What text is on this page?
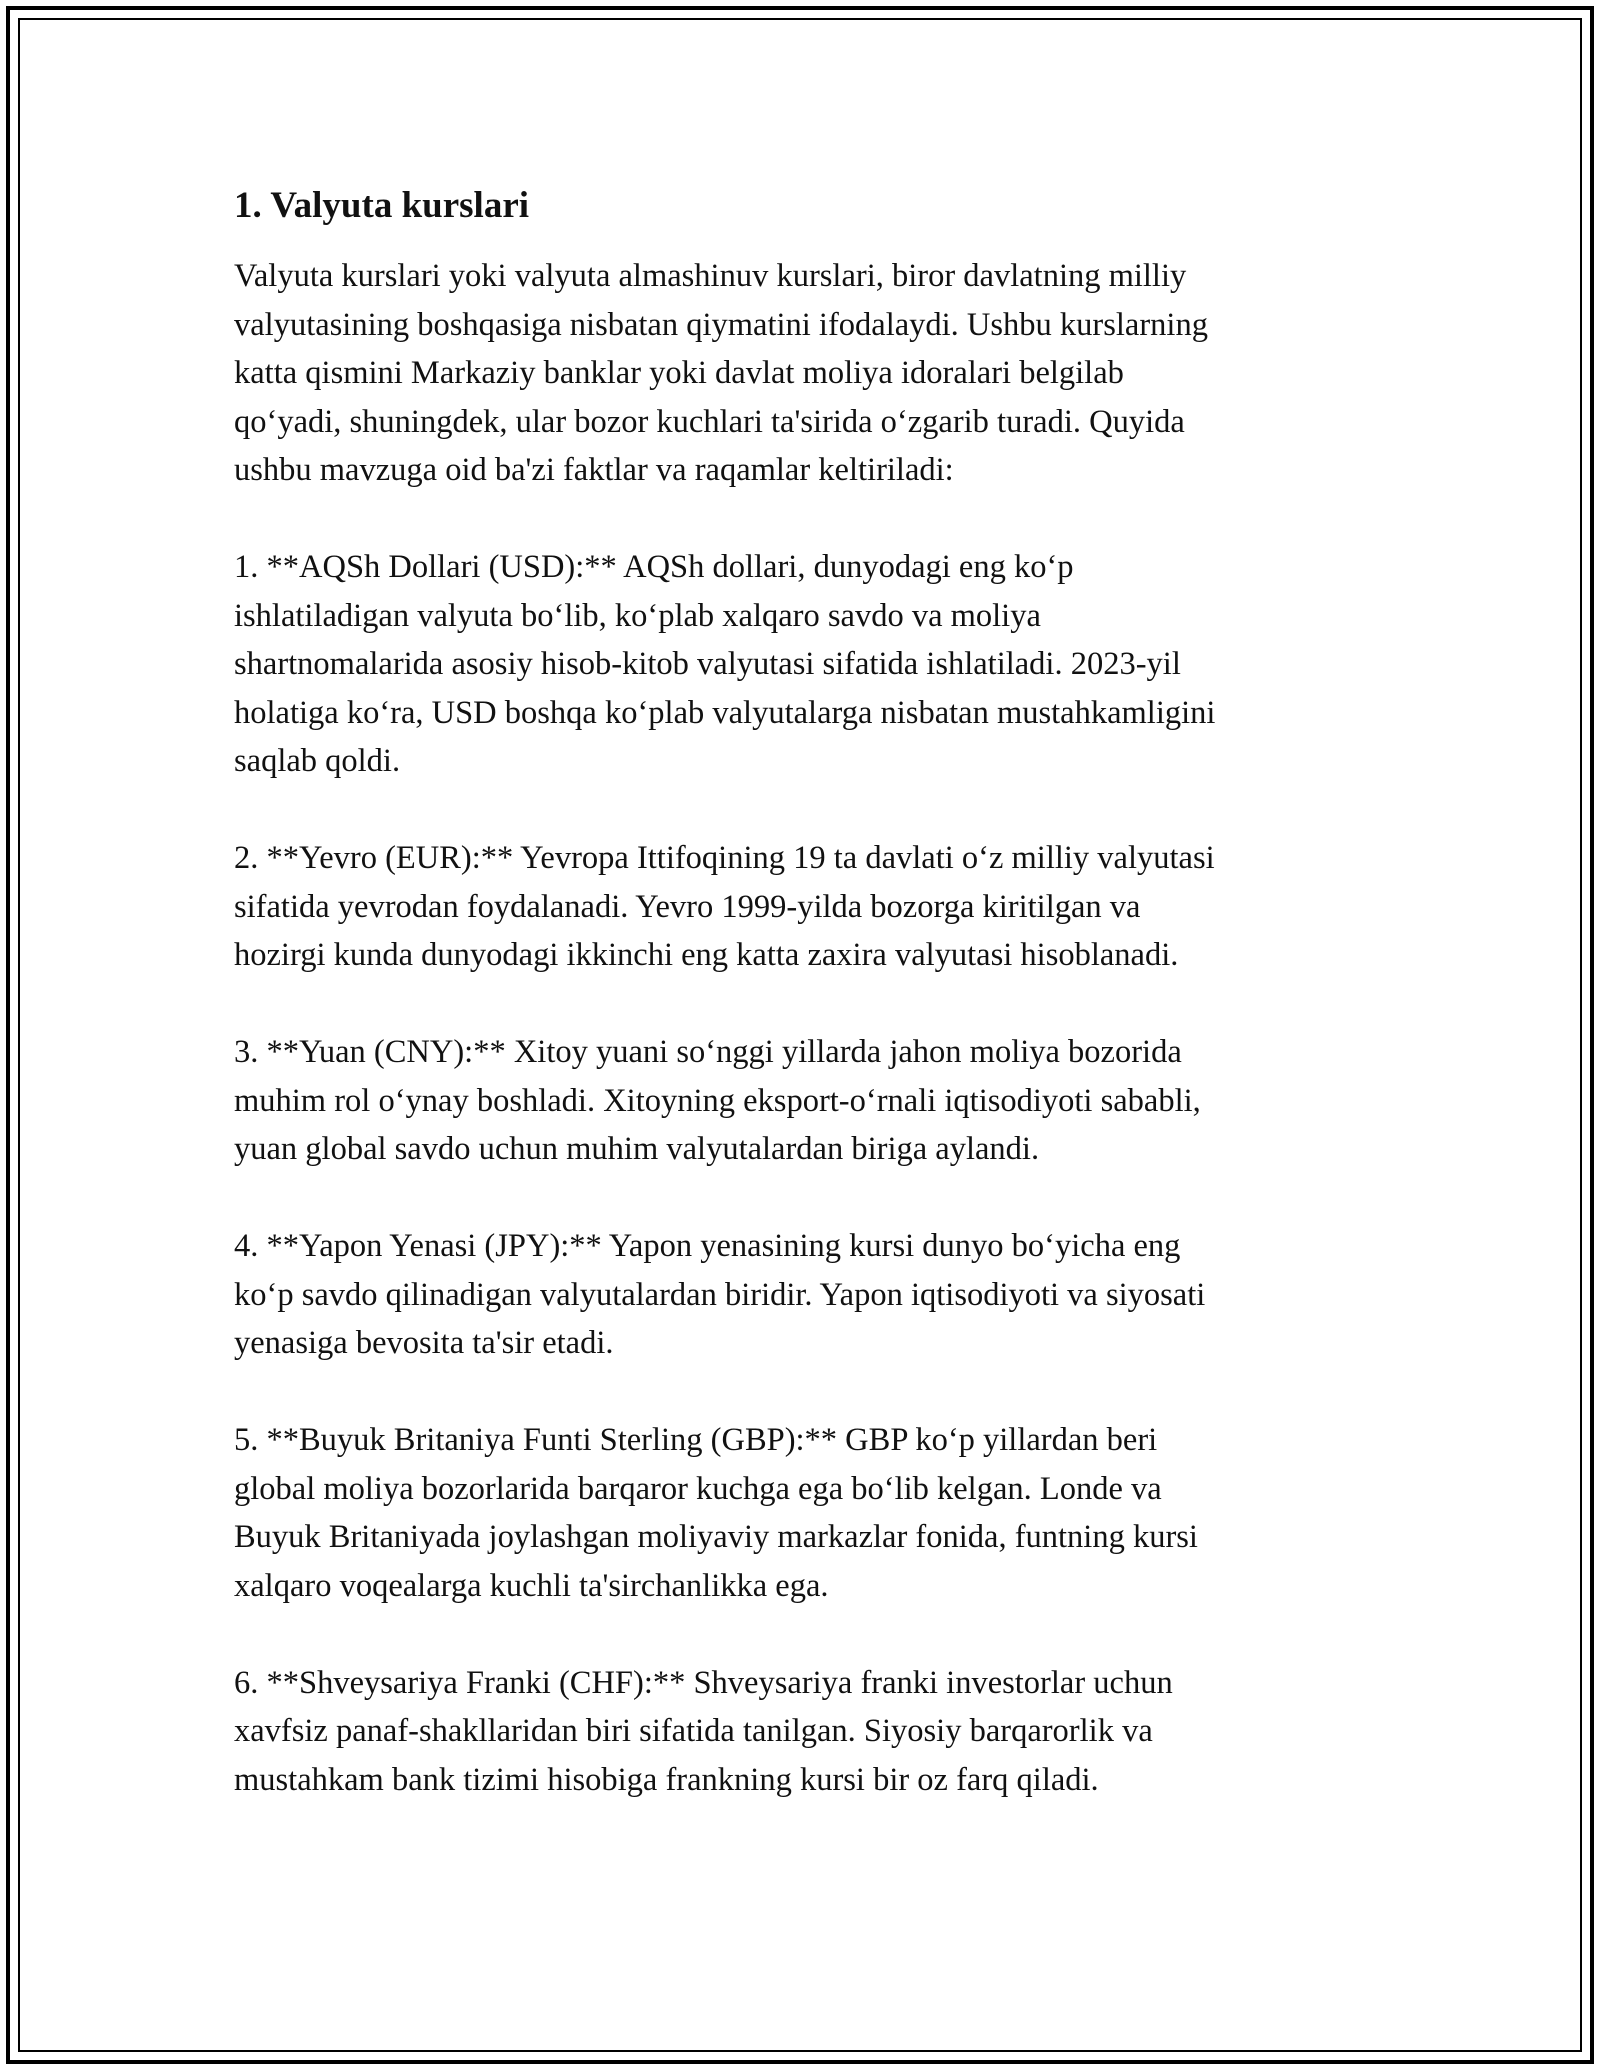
1. Valyuta kurslari

Valyuta kurslari yoki valyuta almashinuv kurslari, biror davlatning milliy
valyutasining boshqasiga nisbatan qiymatini ifodalaydi. Ushbu kurslarning
katta qismini Markaziy banklar yoki davlat moliya idoralari belgilab
qoʻyadi, shuningdek, ular bozor kuchlari ta'sirida oʻzgarib turadi. Quyida
ushbu mavzuga oid ba'zi faktlar va raqamlar keltiriladi:

1. **AQSh Dollari (USD):** AQSh dollari, dunyodagi eng koʻp
ishlatiladigan valyuta boʻlib, koʻplab xalqaro savdo va moliya
shartnomalarida asosiy hisob-kitob valyutasi sifatida ishlatiladi. 2023-yil
holatiga koʻra, USD boshqa koʻplab valyutalarga nisbatan mustahkamligini
saqlab qoldi.

2. **Yevro (EUR):** Yevropa Ittifoqining 19 ta davlati oʻz milliy valyutasi
sifatida yevrodan foydalanadi. Yevro 1999-yilda bozorga kiritilgan va
hozirgi kunda dunyodagi ikkinchi eng katta zaxira valyutasi hisoblanadi.

3. **Yuan (CNY):** Xitoy yuani soʻnggi yillarda jahon moliya bozorida
muhim rol oʻynay boshladi. Xitoyning eksport-oʻrnali iqtisodiyoti sababli,
yuan global savdo uchun muhim valyutalardan biriga aylandi.

4. **Yapon Yenasi (JPY):** Yapon yenasining kursi dunyo boʻyicha eng
koʻp savdo qilinadigan valyutalardan biridir. Yapon iqtisodiyoti va siyosati
yenasiga bevosita ta'sir etadi.

5. **Buyuk Britaniya Funti Sterling (GBP):** GBP koʻp yillardan beri
global moliya bozorlarida barqaror kuchga ega boʻlib kelgan. Londe va
Buyuk Britaniyada joylashgan moliyaviy markazlar fonida, funtning kursi
xalqaro voqealarga kuchli ta'sirchanlikka ega.

6. **Shveysariya Franki (CHF):** Shveysariya franki investorlar uchun
xavfsiz panaf-shakllaridan biri sifatida tanilgan. Siyosiy barqarorlik va
mustahkam bank tizimi hisobiga frankning kursi bir oz farq qiladi.
